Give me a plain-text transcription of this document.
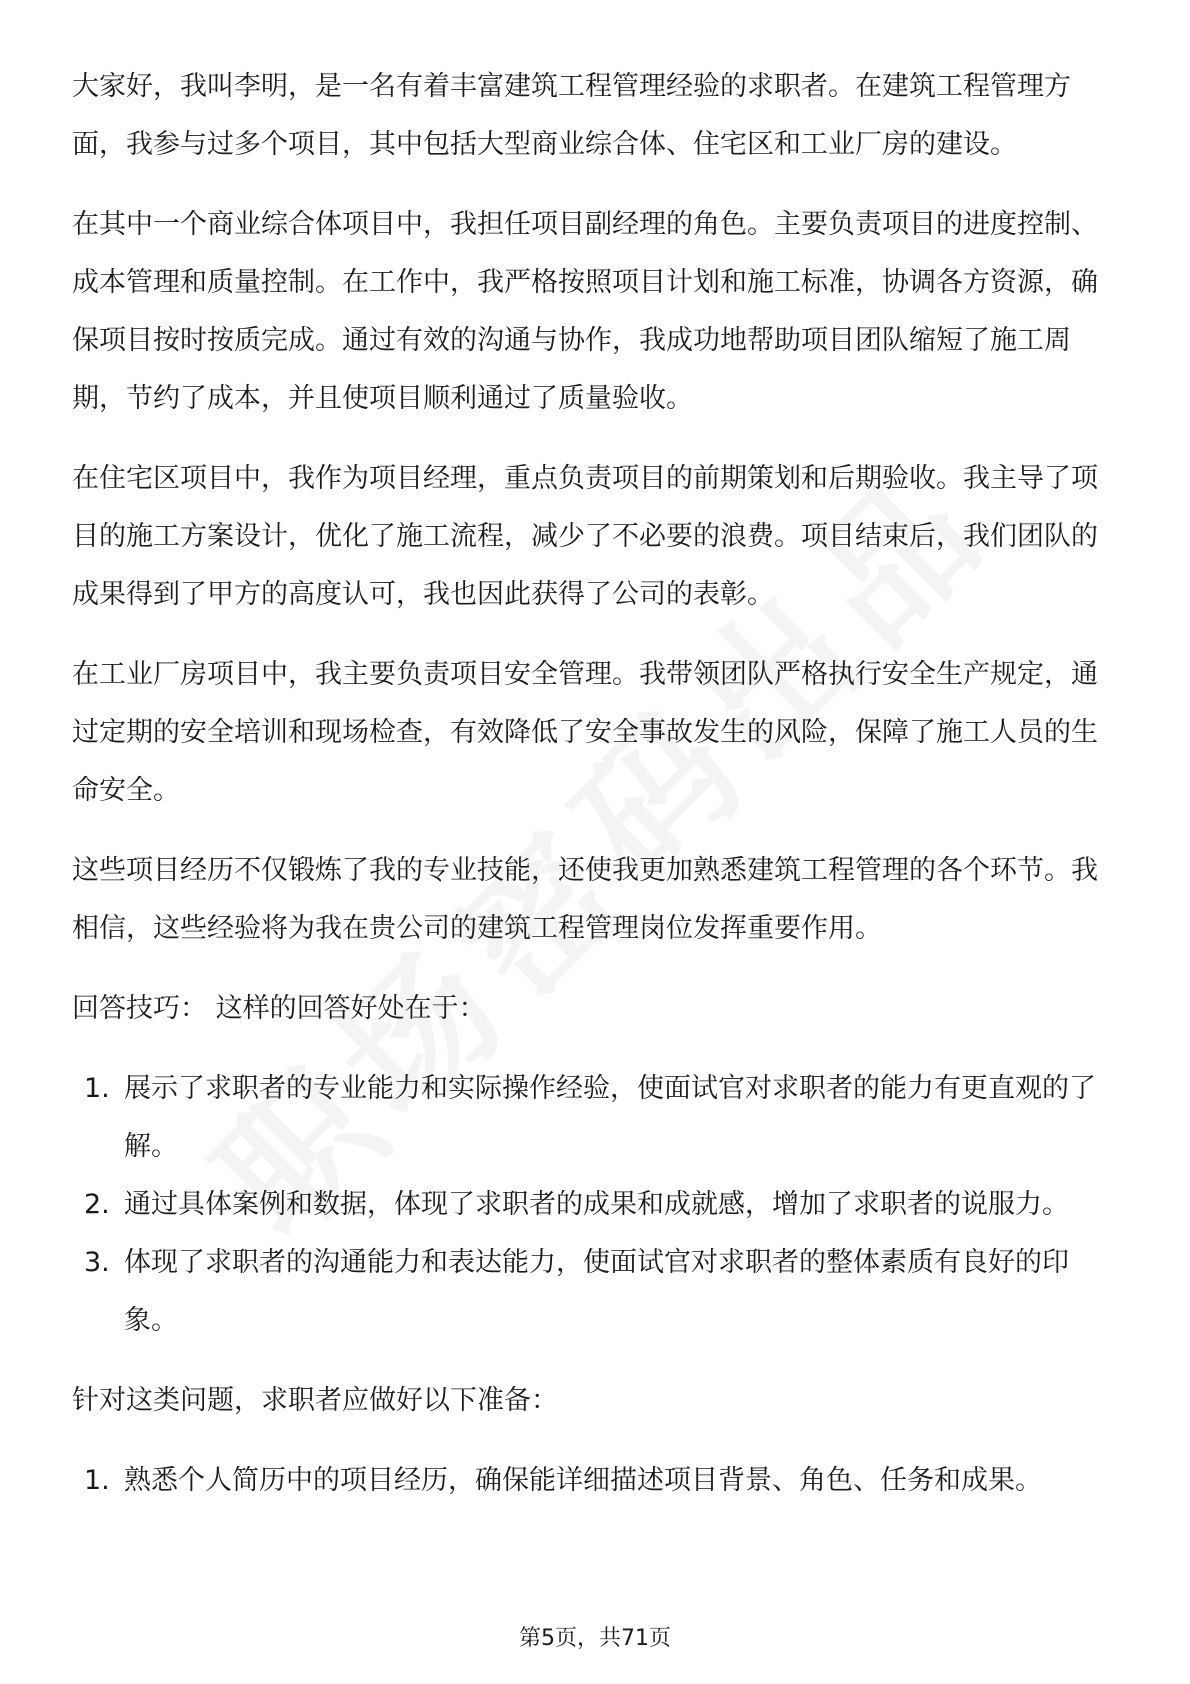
大家好，我叫李明，是一名有着丰富建筑工程管理经验的求职者。在建筑工程管理方面，我参与过多个项目，其中包括大型商业综合体、住宅区和工业厂房的建设。

在其中一个商业综合体项目中，我担任项目副经理的角色。主要负责项目的进度控制、成本管理和质量控制。在工作中，我严格按照项目计划和施工标准，协调各方资源，确保项目按时按质完成。通过有效的沟通与协作，我成功地帮助项目团队缩短了施工周期，节约了成本，并且使项目顺利通过了质量验收。

在住宅区项目中，我作为项目经理，重点负责项目的前期策划和后期验收。我主导了项目的施工方案设计，优化了施工流程，减少了不必要的浪费。项目结束后，我们团队的成果得到了甲方的高度认可，我也因此获得了公司的表彰。

在工业厂房项目中，我主要负责项目安全管理。我带领团队严格执行安全生产规定，通过定期的安全培训和现场检查，有效降低了安全事故发生的风险，保障了施工人员的生命安全。

这些项目经历不仅锻炼了我的专业技能，还使我更加熟悉建筑工程管理的各个环节。我相信，这些经验将为我在贵公司的建筑工程管理岗位发挥重要作用。

回答技巧： 这样的回答好处在于：

1. 展示了求职者的专业能力和实际操作经验，使面试官对求职者的能力有更直观的了解。
2. 通过具体案例和数据，体现了求职者的成果和成就感，增加了求职者的说服力。
3. 体现了求职者的沟通能力和表达能力，使面试官对求职者的整体素质有良好的印象。

针对这类问题，求职者应做好以下准备：

1. 熟悉个人简历中的项目经历，确保能详细描述项目背景、角色、任务和成果。
第5页，共71页
